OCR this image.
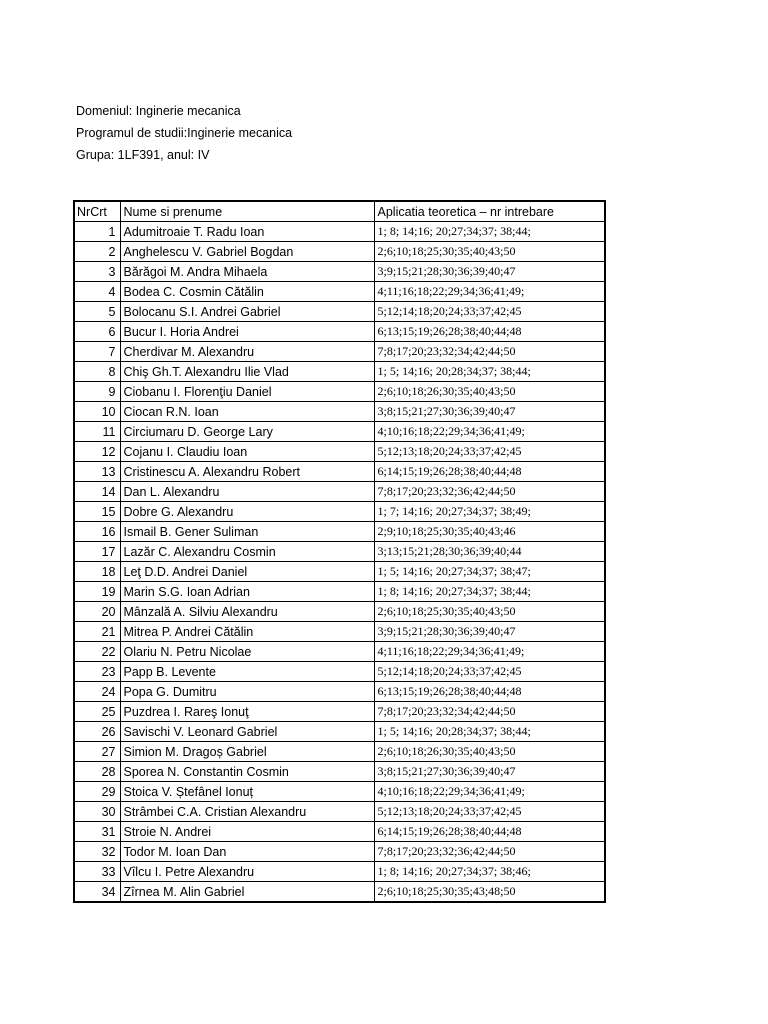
Domeniul: Inginerie mecanica
Programul de studii:Inginerie mecanica
Grupa: 1LF391, anul: IV
NrCrt	Nume si prenume	Aplicatia teoretica – nr intrebare
1	Adumitroaie T. Radu Ioan	1; 8; 14;16; 20;27;34;37; 38;44;
2	Anghelescu V. Gabriel Bogdan	2;6;10;18;25;30;35;40;43;50
3	Bărăgoi M. Andra Mihaela	3;9;15;21;28;30;36;39;40;47
4	Bodea C. Cosmin Cătălin	4;11;16;18;22;29;34;36;41;49;
5	Bolocanu S.I. Andrei Gabriel	5;12;14;18;20;24;33;37;42;45
6	Bucur I. Horia Andrei	6;13;15;19;26;28;38;40;44;48
7	Cherdivar M. Alexandru	7;8;17;20;23;32;34;42;44;50
8	Chiş Gh.T. Alexandru Ilie Vlad	1; 5; 14;16; 20;28;34;37; 38;44;
9	Ciobanu I. Florenţiu Daniel	2;6;10;18;26;30;35;40;43;50
10	Ciocan R.N. Ioan	3;8;15;21;27;30;36;39;40;47
11	Circiumaru D. George Lary	4;10;16;18;22;29;34;36;41;49;
12	Cojanu I. Claudiu Ioan	5;12;13;18;20;24;33;37;42;45
13	Cristinescu A. Alexandru Robert	6;14;15;19;26;28;38;40;44;48
14	Dan L. Alexandru	7;8;17;20;23;32;36;42;44;50
15	Dobre G. Alexandru	1; 7; 14;16; 20;27;34;37; 38;49;
16	Ismail B. Gener Suliman	2;9;10;18;25;30;35;40;43;46
17	Lazăr C. Alexandru Cosmin	3;13;15;21;28;30;36;39;40;44
18	Leţ D.D. Andrei Daniel	1; 5; 14;16; 20;27;34;37; 38;47;
19	Marin S.G. Ioan Adrian	1; 8; 14;16; 20;27;34;37; 38;44;
20	Mânzală A. Silviu Alexandru	2;6;10;18;25;30;35;40;43;50
21	Mitrea P. Andrei Cătălin	3;9;15;21;28;30;36;39;40;47
22	Olariu N. Petru Nicolae	4;11;16;18;22;29;34;36;41;49;
23	Papp B. Levente	5;12;14;18;20;24;33;37;42;45
24	Popa G. Dumitru	6;13;15;19;26;28;38;40;44;48
25	Puzdrea I. Rareş Ionuţ	7;8;17;20;23;32;34;42;44;50
26	Savischi V. Leonard Gabriel	1; 5; 14;16; 20;28;34;37; 38;44;
27	Simion M. Dragoș Gabriel	2;6;10;18;26;30;35;40;43;50
28	Sporea N. Constantin Cosmin	3;8;15;21;27;30;36;39;40;47
29	Stoica V. Ștefânel Ionuț	4;10;16;18;22;29;34;36;41;49;
30	Strâmbei C.A. Cristian Alexandru	5;12;13;18;20;24;33;37;42;45
31	Stroie N. Andrei	6;14;15;19;26;28;38;40;44;48
32	Todor M. Ioan Dan	7;8;17;20;23;32;36;42;44;50
33	Vîlcu I. Petre Alexandru	1; 8; 14;16; 20;27;34;37; 38;46;
34	Zîrnea M. Alin Gabriel	2;6;10;18;25;30;35;43;48;50
